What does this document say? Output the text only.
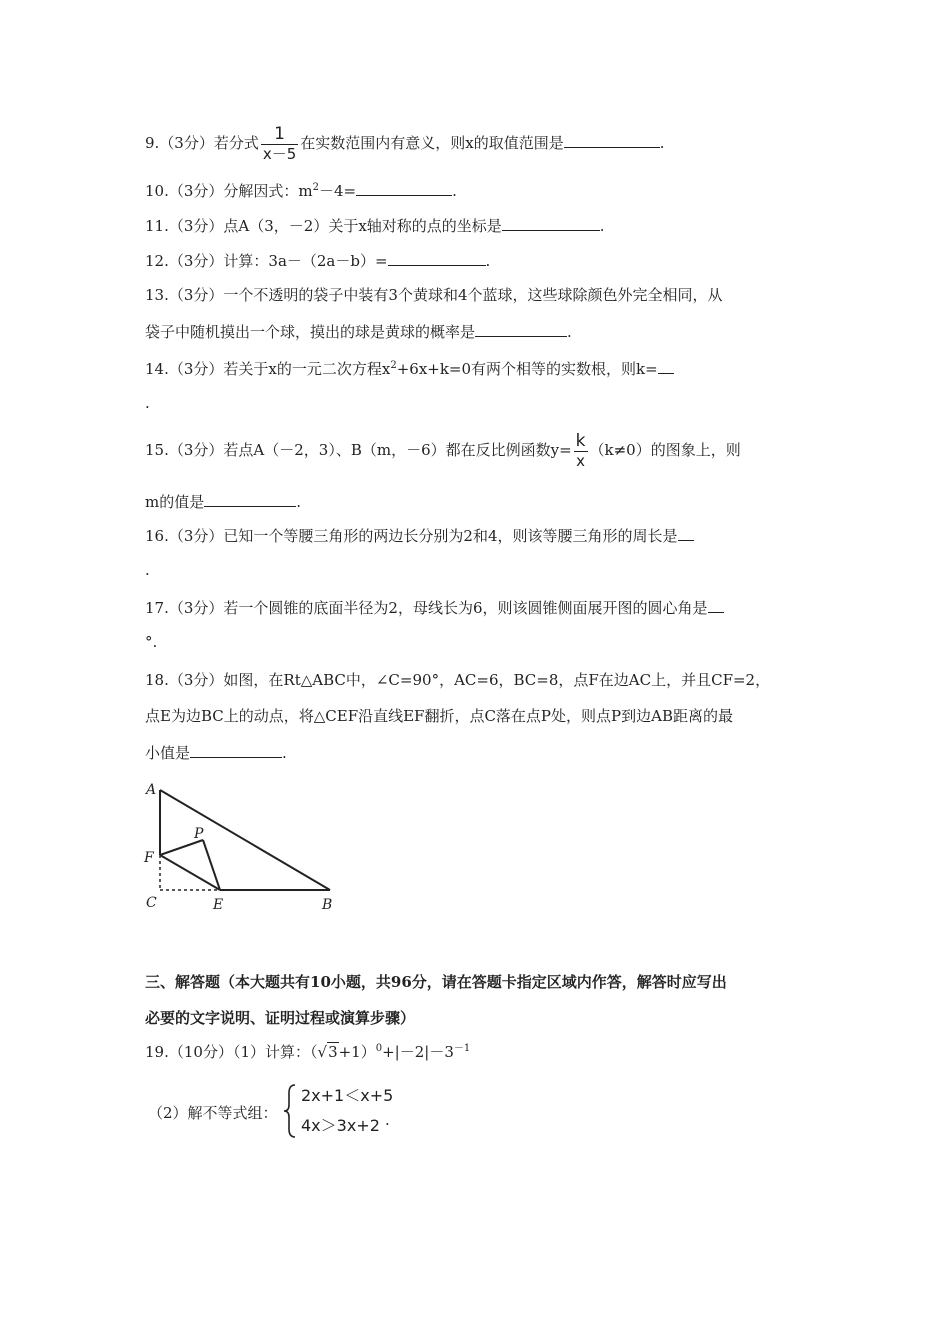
9.（3分）若分式 $\frac{1}{x-5}$ 在实数范围内有意义，则x的取值范围是	.
10.（3分）分解因式：$m^2-4=$	.
11.（3分）点A（3，－2）关于x轴对称的点的坐标是	.
12.（3分）计算：3a－（2a－b）=	.
13.（3分）一个不透明的袋子中装有3个黄球和4个蓝球，这些球除颜色外完全相同，从
袋子中随机摸出一个球，摸出的球是黄球的概率是	.
14.（3分）若关于x的一元二次方程$x^2+6x+k=0$有两个相等的实数根，则k=
.
15.（3分）若点A（－2，3）、B（m，－6）都在反比例函数$y= \frac{k}{x} (k\ne 0)$的图象上，则
m的值是	.
16.（3分）已知一个等腰三角形的两边长分别为2和4，则该等腰三角形的周长是
.
17.（3分）若一个圆锥的底面半径为2，母线长为6，则该圆锥侧面展开图的圆心角是
°.
18.（3分）如图，在Rt△ABC中，∠C=90°，AC=6，BC=8，点F在边AC上，并且CF=2，
点E为边BC上的动点，将△CEF沿直线EF翻折，点C落在点P处，则点P到边AB距离的最
小值是	.
A
P
F
C	E	B
三、解答题（本大题共有10小题，共96分，请在答题卡指定区域内作答，解答时应写出
必要的文字说明、证明过程或演算步骤）
19.（10分）（1）计算：$(√3+1)^0+|-2|-3^{-1}$
（2）解不等式组：
2x+1＜x+5
4x＞3x+2 .
